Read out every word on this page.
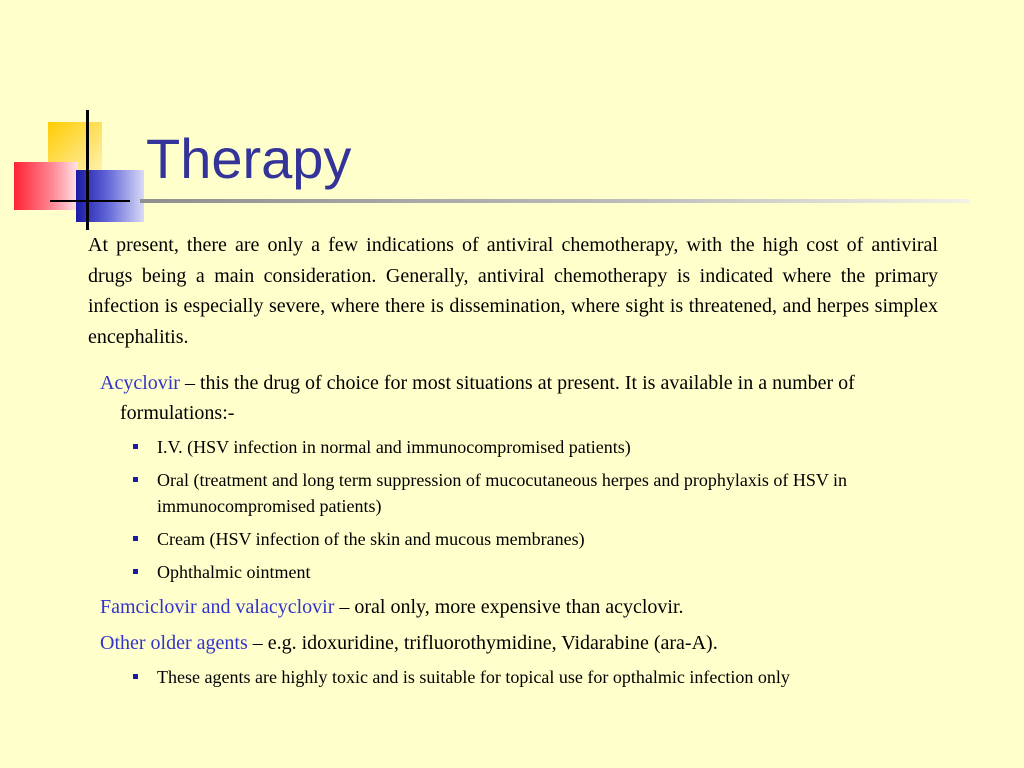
Therapy

At present, there are only a few indications of antiviral chemotherapy, with the high cost of antiviral drugs being a main consideration. Generally, antiviral chemotherapy is indicated where the primary infection is especially severe, where there is dissemination, where sight is threatened, and herpes simplex encephalitis.

Acyclovir – this the drug of choice for most situations at present. It is available in a number of formulations:-

I.V. (HSV infection in normal and immunocompromised patients)
Oral (treatment and long term suppression of mucocutaneous herpes and prophylaxis of HSV in immunocompromised patients)
Cream (HSV infection of the skin and mucous membranes)
Ophthalmic ointment

Famciclovir and valacyclovir – oral only, more expensive than acyclovir.

Other older agents – e.g. idoxuridine, trifluorothymidine, Vidarabine (ara-A).

These agents are highly toxic and is suitable for topical use for opthalmic infection only
